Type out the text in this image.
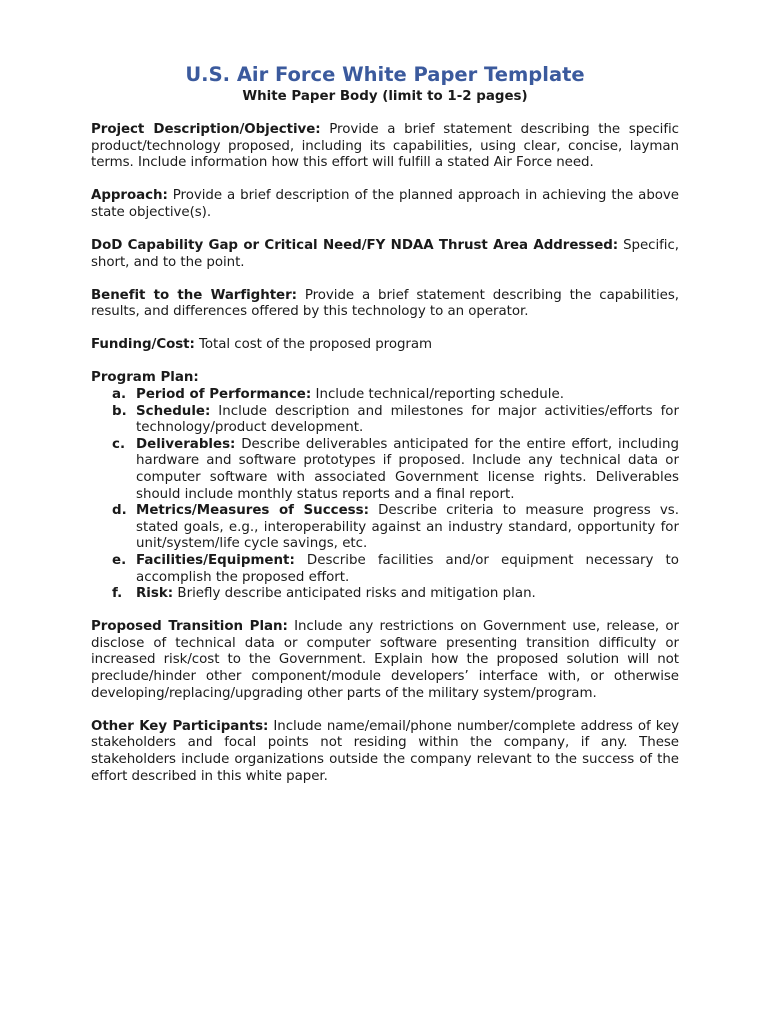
U.S. Air Force White Paper Template

White Paper Body (limit to 1-2 pages)

Project Description/Objective: Provide a brief statement describing the specific product/technology proposed, including its capabilities, using clear, concise, layman terms. Include information how this effort will fulfill a stated Air Force need.

Approach: Provide a brief description of the planned approach in achieving the above state objective(s).

DoD Capability Gap or Critical Need/FY NDAA Thrust Area Addressed: Specific, short, and to the point.

Benefit to the Warfighter: Provide a brief statement describing the capabilities, results, and differences offered by this technology to an operator.

Funding/Cost: Total cost of the proposed program

Program Plan:

a. Period of Performance: Include technical/reporting schedule.
b. Schedule: Include description and milestones for major activities/efforts for technology/product development.
c. Deliverables: Describe deliverables anticipated for the entire effort, including hardware and software prototypes if proposed. Include any technical data or computer software with associated Government license rights. Deliverables should include monthly status reports and a final report.
d. Metrics/Measures of Success: Describe criteria to measure progress vs. stated goals, e.g., interoperability against an industry standard, opportunity for unit/system/life cycle savings, etc.
e. Facilities/Equipment: Describe facilities and/or equipment necessary to accomplish the proposed effort.
f. Risk: Briefly describe anticipated risks and mitigation plan.

Proposed Transition Plan: Include any restrictions on Government use, release, or disclose of technical data or computer software presenting transition difficulty or increased risk/cost to the Government. Explain how the proposed solution will not preclude/hinder other component/module developers’ interface with, or otherwise developing/replacing/upgrading other parts of the military system/program.

Other Key Participants: Include name/email/phone number/complete address of key stakeholders and focal points not residing within the company, if any. These stakeholders include organizations outside the company relevant to the success of the effort described in this white paper.
